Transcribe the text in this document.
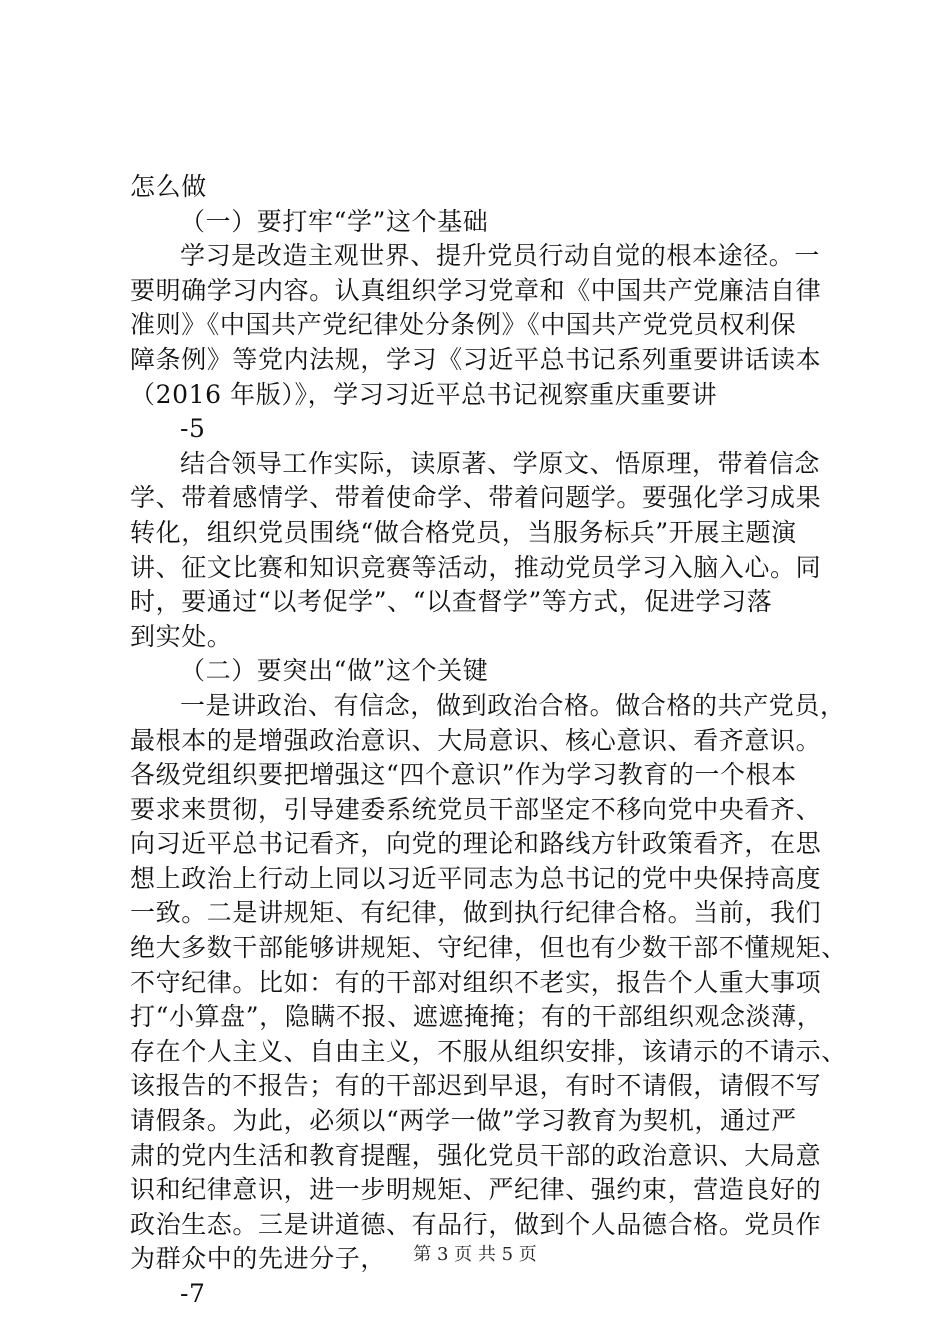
怎么做
（一）要打牢“学”这个基础
学习是改造主观世界、提升党员行动自觉的根本途径。一
要明确学习内容。认真组织学习党章和《中国共产党廉洁自律
准则》《中国共产党纪律处分条例》《中国共产党党员权利保
障条例》等党内法规，学习《习近平总书记系列重要讲话读本
（2016 年版）》，学习习近平总书记视察重庆重要讲
-5
结合领导工作实际，读原著、学原文、悟原理，带着信念
学、带着感情学、带着使命学、带着问题学。要强化学习成果
转化，组织党员围绕“做合格党员，当服务标兵”开展主题演
讲、征文比赛和知识竞赛等活动，推动党员学习入脑入心。同
时，要通过“以考促学”、“以查督学”等方式，促进学习落
到实处。
（二）要突出“做”这个关键
一是讲政治、有信念，做到政治合格。做合格的共产党员，
最根本的是增强政治意识、大局意识、核心意识、看齐意识。
各级党组织要把增强这“四个意识”作为学习教育的一个根本
要求来贯彻，引导建委系统党员干部坚定不移向党中央看齐、
向习近平总书记看齐，向党的理论和路线方针政策看齐，在思
想上政治上行动上同以习近平同志为总书记的党中央保持高度
一致。二是讲规矩、有纪律，做到执行纪律合格。当前，我们
绝大多数干部能够讲规矩、守纪律，但也有少数干部不懂规矩、
不守纪律。比如：有的干部对组织不老实，报告个人重大事项
打“小算盘”，隐瞒不报、遮遮掩掩；有的干部组织观念淡薄，
存在个人主义、自由主义，不服从组织安排，该请示的不请示、
该报告的不报告；有的干部迟到早退，有时不请假，请假不写
请假条。为此，必须以“两学一做”学习教育为契机，通过严
肃的党内生活和教育提醒，强化党员干部的政治意识、大局意
识和纪律意识，进一步明规矩、严纪律、强约束，营造良好的
政治生态。三是讲道德、有品行，做到个人品德合格。党员作
为群众中的先进分子，
-7
第 3 页 共 5 页
